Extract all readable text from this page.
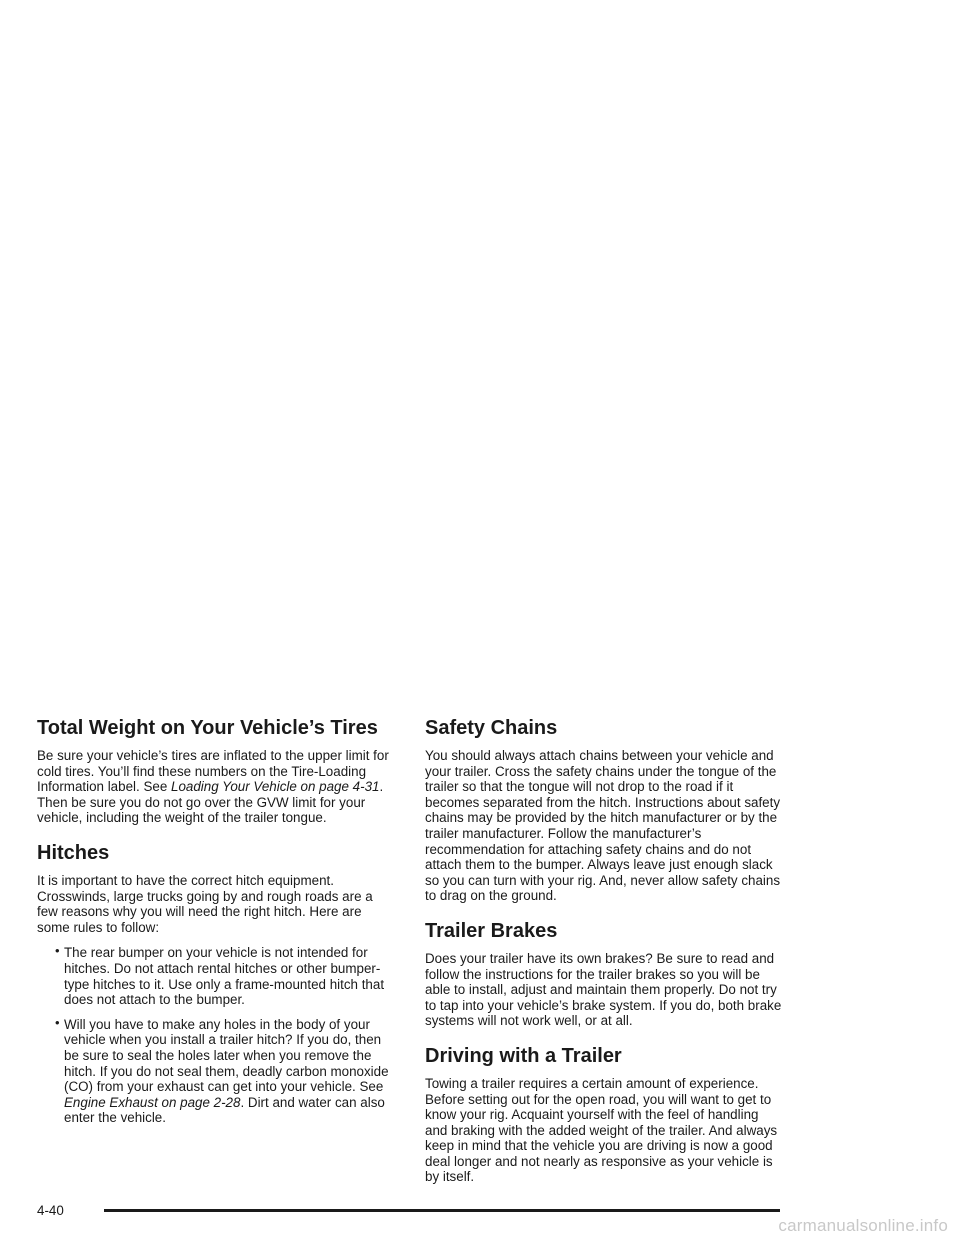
Total Weight on Your Vehicle’s Tires

Be sure your vehicle’s tires are inflated to the upper limit for cold tires. You’ll find these numbers on the Tire-Loading Information label. See Loading Your Vehicle on page 4-31. Then be sure you do not go over the GVW limit for your vehicle, including the weight of the trailer tongue.

Hitches

It is important to have the correct hitch equipment. Crosswinds, large trucks going by and rough roads are a few reasons why you will need the right hitch. Here are some rules to follow:

• The rear bumper on your vehicle is not intended for hitches. Do not attach rental hitches or other bumper-type hitches to it. Use only a frame-mounted hitch that does not attach to the bumper.
• Will you have to make any holes in the body of your vehicle when you install a trailer hitch? If you do, then be sure to seal the holes later when you remove the hitch. If you do not seal them, deadly carbon monoxide (CO) from your exhaust can get into your vehicle. See Engine Exhaust on page 2-28. Dirt and water can also enter the vehicle.
Safety Chains

You should always attach chains between your vehicle and your trailer. Cross the safety chains under the tongue of the trailer so that the tongue will not drop to the road if it becomes separated from the hitch. Instructions about safety chains may be provided by the hitch manufacturer or by the trailer manufacturer. Follow the manufacturer’s recommendation for attaching safety chains and do not attach them to the bumper. Always leave just enough slack so you can turn with your rig. And, never allow safety chains to drag on the ground.

Trailer Brakes

Does your trailer have its own brakes? Be sure to read and follow the instructions for the trailer brakes so you will be able to install, adjust and maintain them properly. Do not try to tap into your vehicle’s brake system. If you do, both brake systems will not work well, or at all.

Driving with a Trailer

Towing a trailer requires a certain amount of experience. Before setting out for the open road, you will want to get to know your rig. Acquaint yourself with the feel of handling and braking with the added weight of the trailer. And always keep in mind that the vehicle you are driving is now a good deal longer and not nearly as responsive as your vehicle is by itself.

4-40
carmanualsonline.info
